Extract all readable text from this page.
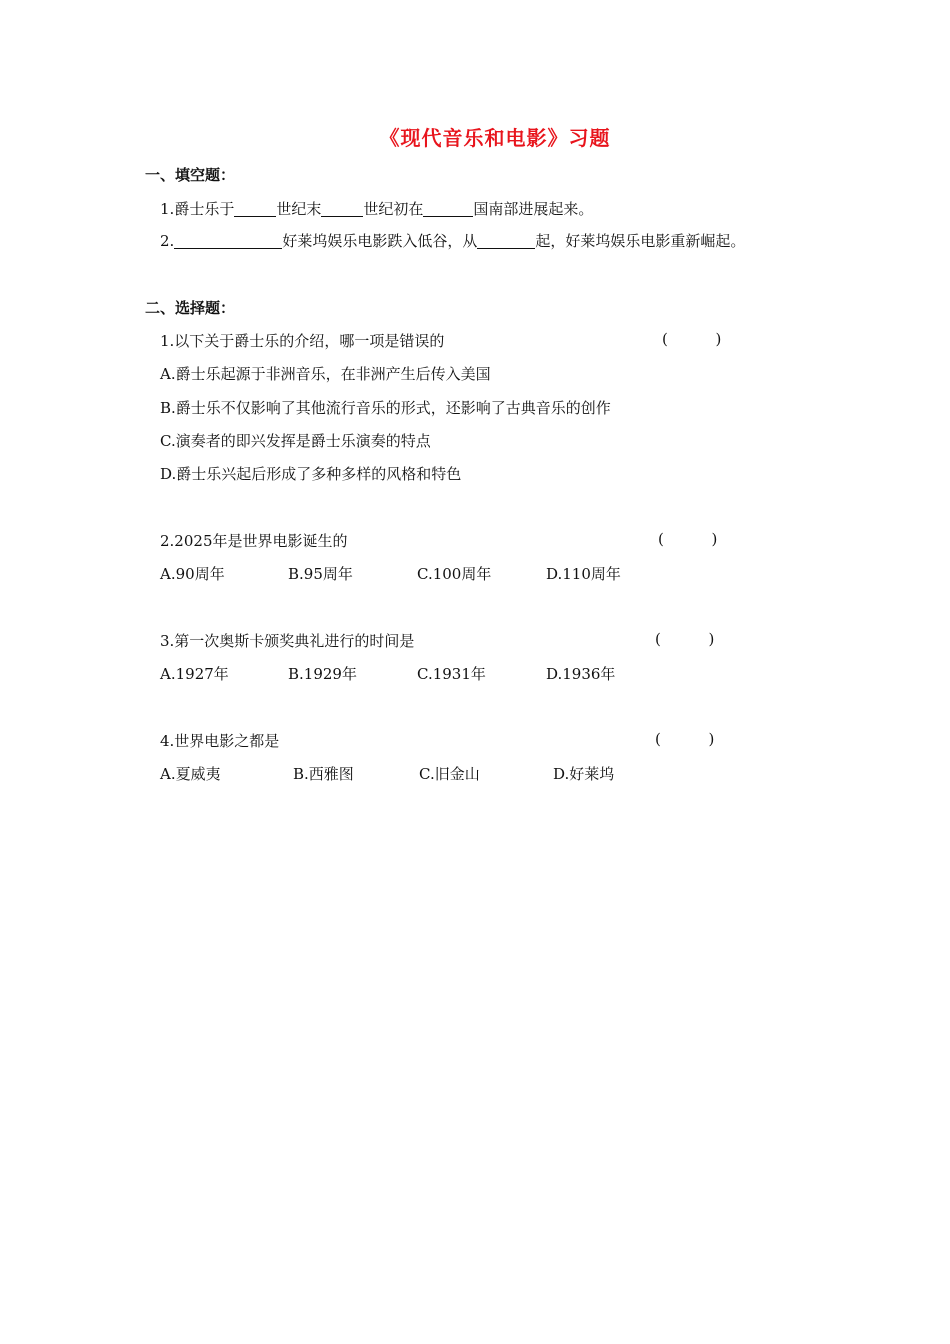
《现代音乐和电影》习题
一、填空题：
1.爵士乐于	世纪末	世纪初在	国南部进展起来。
2.	好莱坞娱乐电影跌入低谷，从	起，好莱坞娱乐电影重新崛起。
二、选择题：
1.以下关于爵士乐的介绍，哪一项是错误的	(          )
A.爵士乐起源于非洲音乐，在非洲产生后传入美国
B.爵士乐不仅影响了其他流行音乐的形式，还影响了古典音乐的创作
C.演奏者的即兴发挥是爵士乐演奏的特点
D.爵士乐兴起后形成了多种多样的风格和特色
2.2025年是世界电影诞生的	(          )
A.90周年	B.95周年	C.100周年	D.110周年
3.第一次奥斯卡颁奖典礼进行的时间是	(          )
A.1927年	B.1929年	C.1931年	D.1936年
4.世界电影之都是	(          )
A.夏威夷	B.西雅图	C.旧金山	D.好莱坞
